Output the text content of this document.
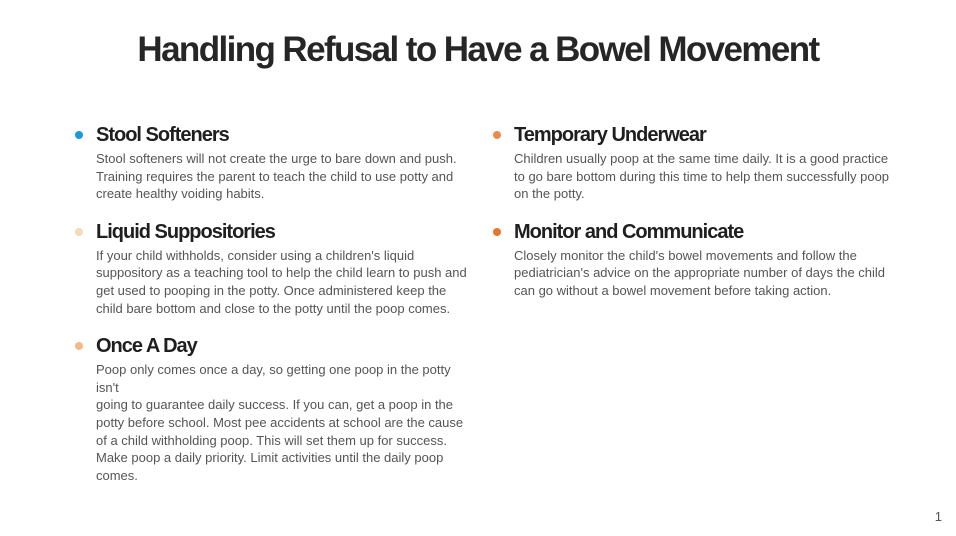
Handling Refusal to Have a Bowel Movement
Stool Softeners
Stool softeners will not create the urge to bare down and push.
Training requires the parent to teach the child to use potty and
create healthy voiding habits.
Liquid Suppositories
If your child withholds, consider using a children's liquid
suppository as a teaching tool to help the child learn to push and
get used to pooping in the potty. Once administered keep the
child bare bottom and close to the potty until the poop comes.
Once A Day
Poop only comes once a day, so getting one poop in the potty isn't
going to guarantee daily success. If you can, get a poop in the
potty before school. Most pee accidents at school are the cause
of a child withholding poop. This will set them up for success.
Make poop a daily priority. Limit activities until the daily poop
comes.
Temporary Underwear
Children usually poop at the same time daily. It is a good practice
to go bare bottom during this time to help them successfully poop
on the potty.
Monitor and Communicate
Closely monitor the child's bowel movements and follow the
pediatrician's advice on the appropriate number of days the child
can go without a bowel movement before taking action.
1
